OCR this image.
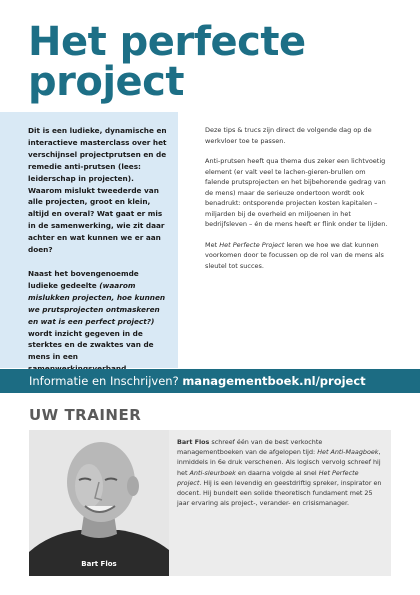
Het perfecte
project

Dit is een ludieke, dynamische en interactieve masterclass over het verschijnsel projectprutsen en de remedie anti-prutsen (lees: leiderschap in projecten). Waarom mislukt tweederde van alle projecten, groot en klein, altijd en overal? Wat gaat er mis in de samenwerking, wie zit daar achter en wat kunnen we er aan doen?

Naast het bovengenoemde ludieke gedeelte (waarom mislukken projecten, hoe kunnen we prutsprojecten ontmaskeren en wat is een perfect project?) wordt inzicht gegeven in de sterktes en de zwaktes van de mens in een

Deze tips & trucs zijn direct de volgende dag op de werkvloer toe te passen.

Anti-prutsen heeft qua thema dus zeker een lichtvoetig element (er valt veel te lachen-gieren-brullen om falende prutsprojecten en het bijbehorende gedrag van de mens) maar de serieuze ondertoon wordt ook benadrukt: ontsporende projecten kosten kapitalen – miljarden bij de overheid en miljoenen in het bedrijfsleven – én de mens heeft er flink onder te lijden.

Met Het Perfecte Project leren we hoe we dat kunnen voorkomen door te focussen op de rol van de mens als sleutel tot succes.

Informatie en Inschrijven? managementboek.nl/project
UW TRAINER
Bart Flos
Bart Flos schreef één van de best verkochte managementboeken van de afgelopen tijd: Het Anti-Maagboek, inmiddels in 6e druk verschenen. Als logisch vervolg schreef hij het Anti-sleurboek en daarna volgde al snel Het Perfecte project. Hij is een levendig en geestdriftig spreker, inspirator en docent. Hij bundelt een solide theoretisch fundament met 25 jaar ervaring als project-, verander- en crisismanager.
